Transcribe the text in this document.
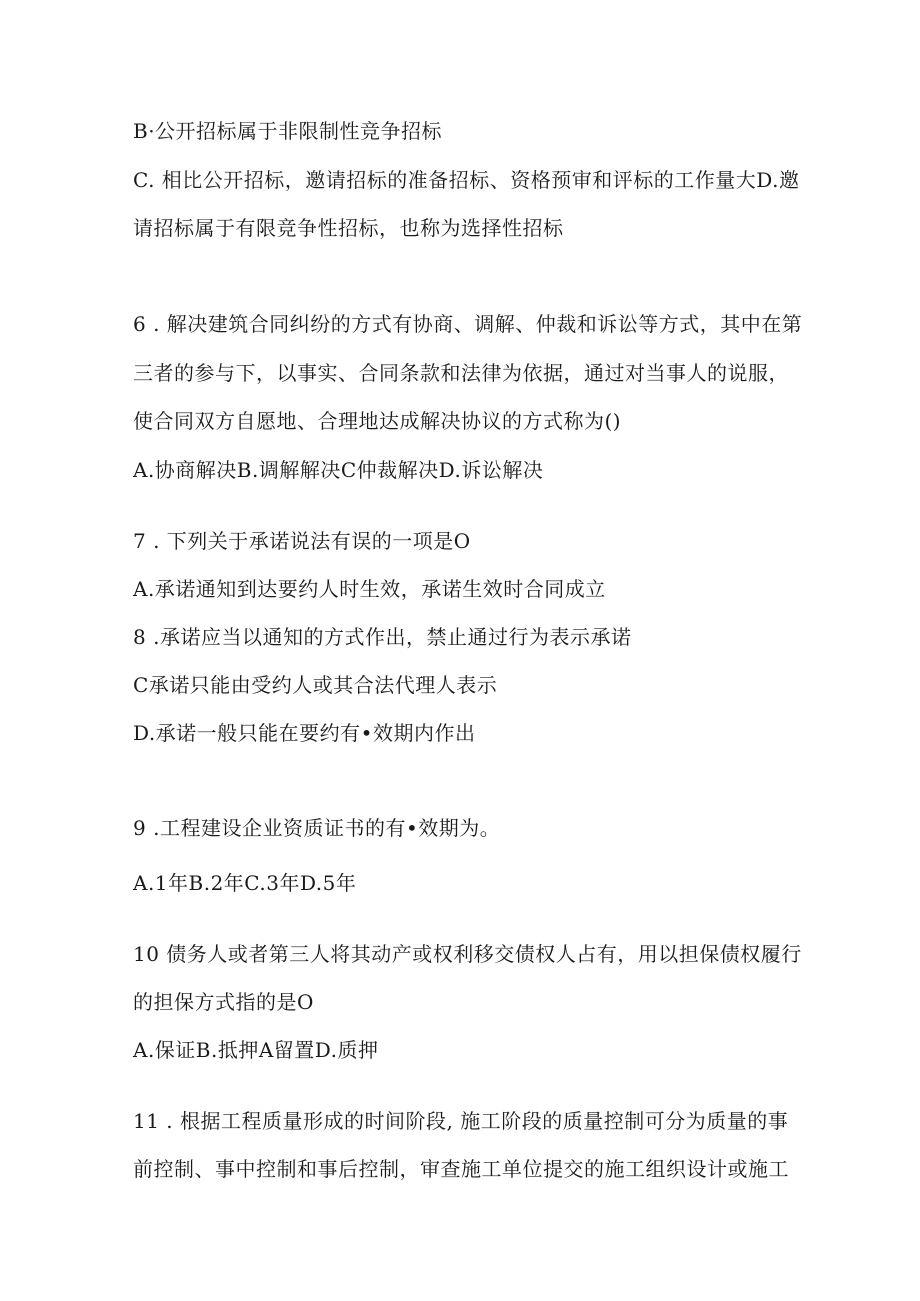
B·公开招标属于非限制性竞争招标
C. 相比公开招标，邀请招标的准备招标、资格预审和评标的工作量大D.邀
请招标属于有限竞争性招标，也称为选择性招标
6 . 解决建筑合同纠纷的方式有协商、调解、仲裁和诉讼等方式，其中在第
三者的参与下，以事实、合同条款和法律为依据，通过对当事人的说服，
使合同双方自愿地、合理地达成解决协议的方式称为()
A.协商解决B.调解解决C仲裁解决D.诉讼解决
7 . 下列关于承诺说法有误的一项是O
A.承诺通知到达要约人时生效，承诺生效时合同成立
8 .承诺应当以通知的方式作出，禁止通过行为表示承诺
C承诺只能由受约人或其合法代理人表示
D.承诺一般只能在要约有•效期内作出
9 .工程建设企业资质证书的有•效期为。
A.1年B.2年C.3年D.5年
10 债务人或者第三人将其动产或权利移交债权人占有，用以担保债权履行
的担保方式指的是O
A.保证B.抵押A留置D.质押
11 . 根据工程质量形成的时间阶段, 施工阶段的质量控制可分为质量的事
前控制、事中控制和事后控制，审查施工单位提交的施工组织设计或施工
